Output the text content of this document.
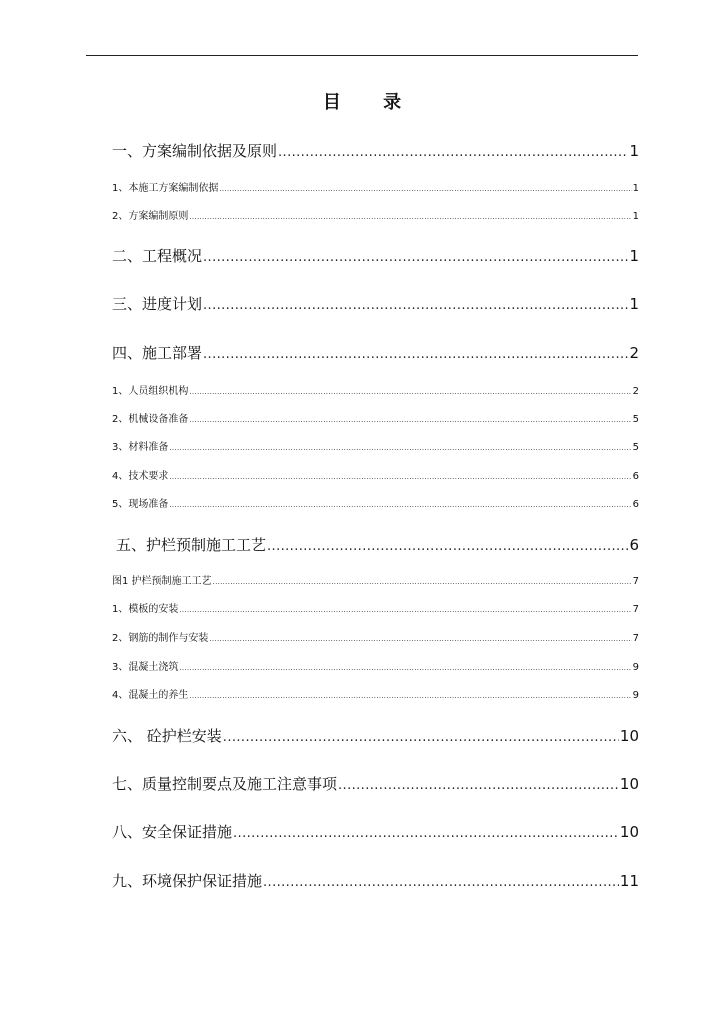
目 录
一、方案编制依据及原则 .....	1
1、本施工方案编制依据 .....	1
2、方案编制原则 .....	1
二、工程概况 .....	1
三、进度计划 .....	1
四、施工部署 .....	2
1、人员组织机构 .....	2
2、机械设备准备 .....	5
3、材料准备 .....	5
4、技术要求 .....	6
5、现场准备 .....	6
五、护栏预制施工工艺 .....	6
图1 护栏预制施工工艺 .....	7
1、模板的安装 .....	7
2、钢筋的制作与安装 .....	7
3、混凝土浇筑 .....	9
4、混凝土的养生 .....	9
六、 砼护栏安装 .....	10
七、质量控制要点及施工注意事项 .....	10
八、安全保证措施 .....	10
九、环境保护保证措施 .....	11
